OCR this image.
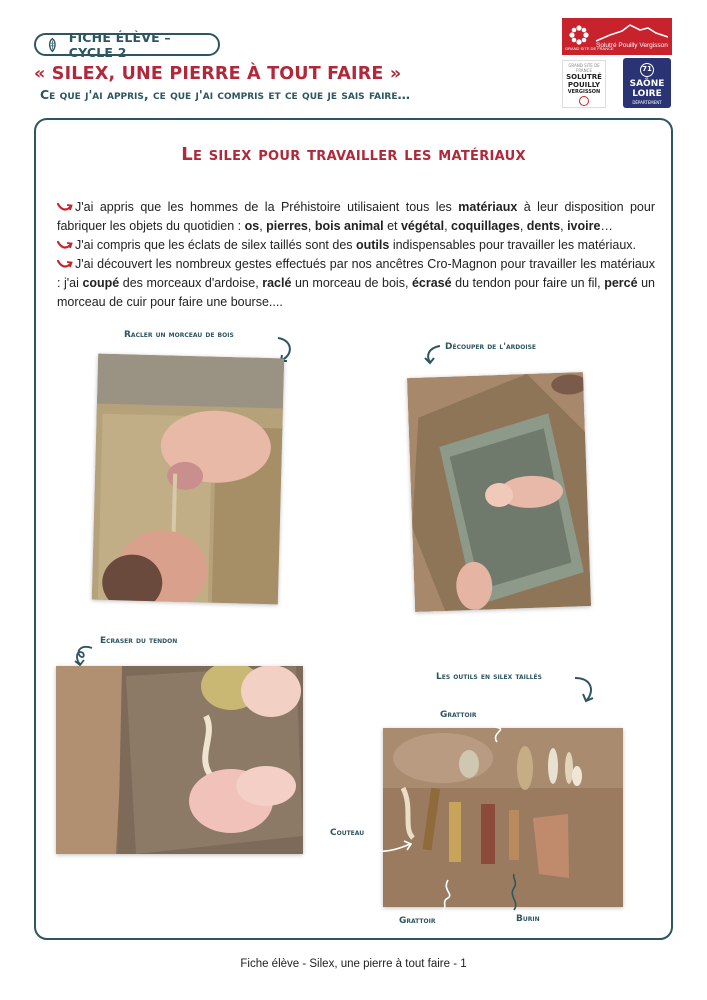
FICHE ÉLÈVE – CYCLE 2
« SILEX, UNE PIERRE À TOUT FAIRE »
Ce que j'ai appris, ce que j'ai compris et ce que je sais faire…
Solutré Pouilly Vergisson
GRAND SITE DE FRANCE
GRAND SITE DE FRANCE
SOLUTRÉ
POUILLY
VERGISSON
71
SAÔNE
LOIRE
DÉPARTEMENT
Le silex pour travailler les matériaux

J'ai appris que les hommes de la Préhistoire utilisaient tous les matériaux à leur disposition pour fabriquer les objets du quotidien : os, pierres, bois animal et végétal, coquillages, dents, ivoire…

J'ai compris que les éclats de silex taillés sont des outils indispensables pour travailler les matériaux.

J'ai découvert les nombreux gestes effectués par nos ancêtres Cro-Magnon pour travailler les matériaux : j'ai coupé des morceaux d'ardoise, raclé un morceau de bois, écrasé du tendon pour faire un fil, percé un morceau de cuir pour faire une bourse....

Racler un morceau de bois
Découper de l'ardoise
Ecraser du tendon
Les outils en silex taillés
Grattoir
Couteau
Grattoir	Burin
Fiche élève - Silex, une pierre à tout faire - 1
